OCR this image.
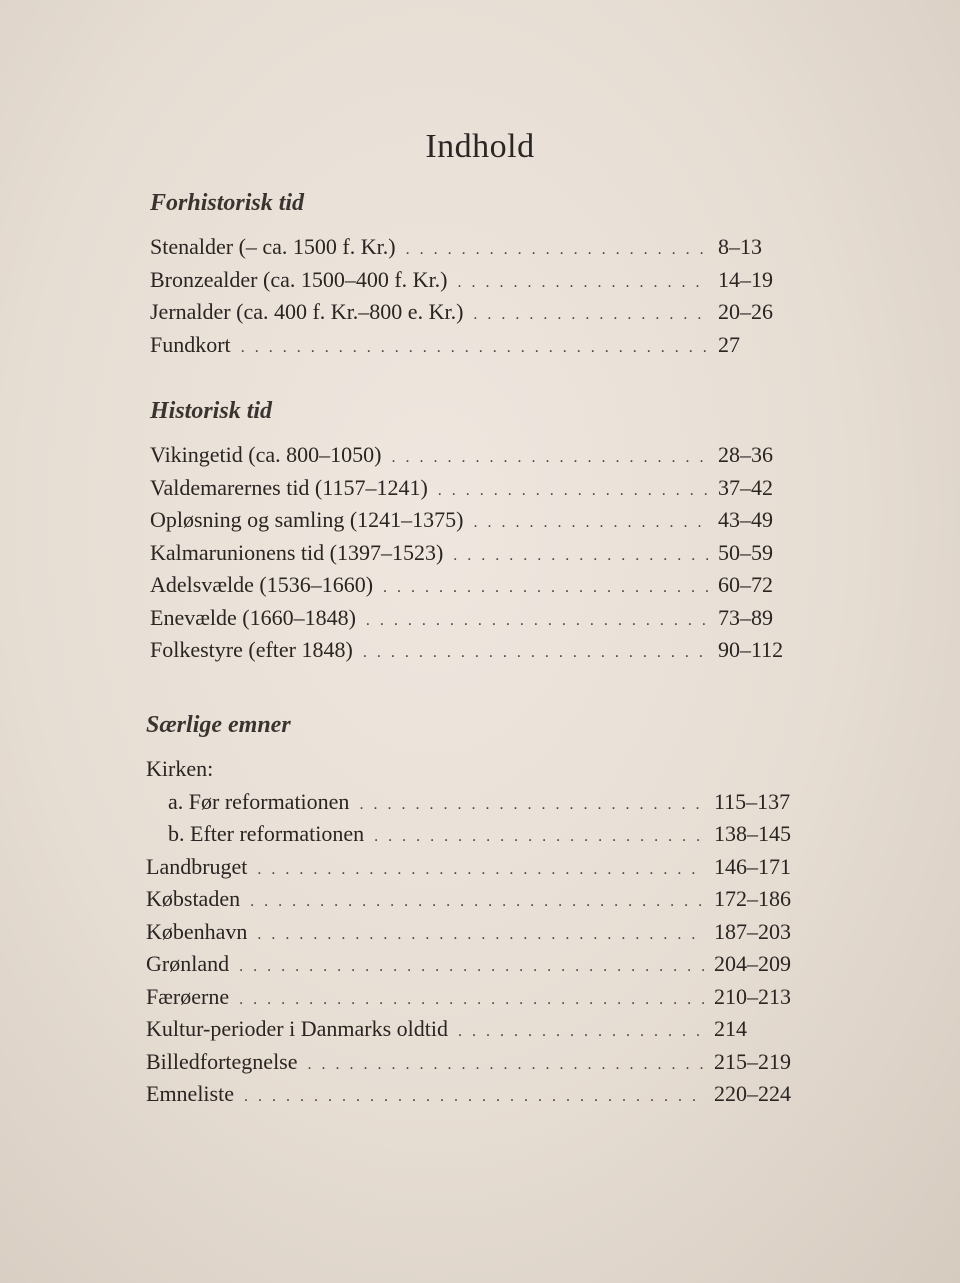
Indhold
Forhistorisk tid
Stenalder (– ca. 1500 f. Kr.) . . .	8–13
Bronzealder (ca. 1500–400 f. Kr.) . . .	14–19
Jernalder (ca. 400 f. Kr.–800 e. Kr.) . . .	20–26
Fundkort . . .	27
Historisk tid
Vikingetid (ca. 800–1050) . . .	28–36
Valdemarernes tid (1157–1241) . . .	37–42
Opløsning og samling (1241–1375) . . .	43–49
Kalmarunionens tid (1397–1523) . . .	50–59
Adelsvælde (1536–1660) . . .	60–72
Enevælde (1660–1848) . . .	73–89
Folkestyre (efter 1848) . . .	90–112
Særlige emner
Kirken:
a. Før reformationen . . .	115–137
b. Efter reformationen . . .	138–145
Landbruget . . .	146–171
Købstaden . . .	172–186
København . . .	187–203
Grønland . . .	204–209
Færøerne . . .	210–213
Kultur-perioder i Danmarks oldtid . . .	214
Billedfortegnelse . . .	215–219
Emneliste . . .	220–224
